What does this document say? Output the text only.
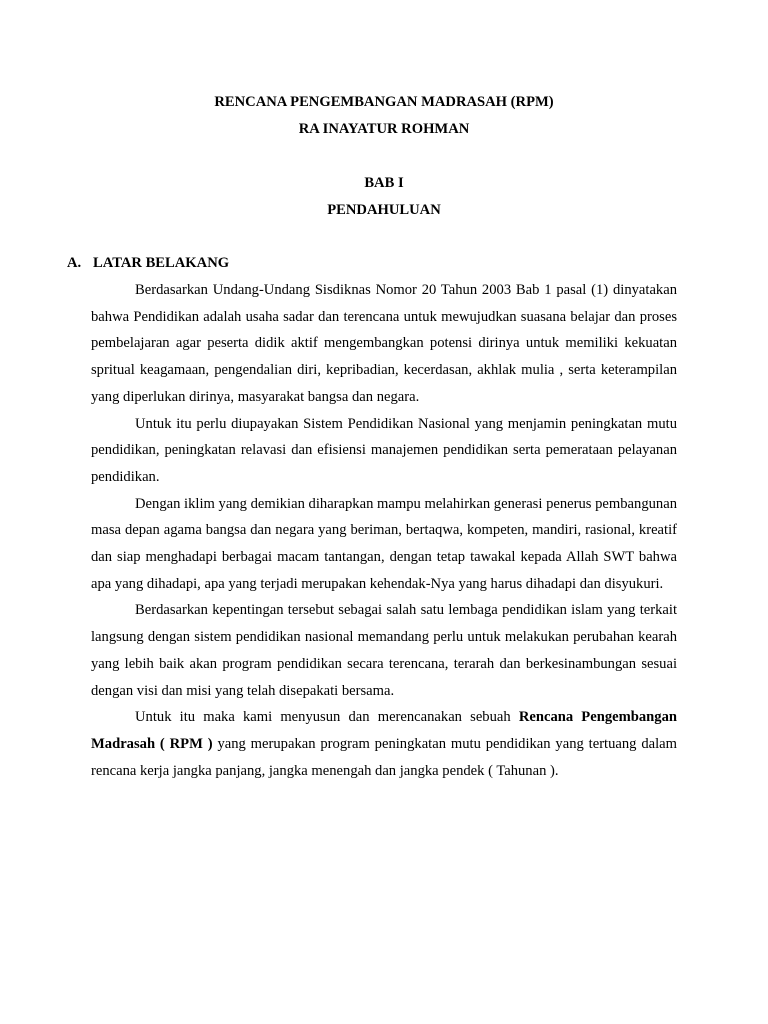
RENCANA PENGEMBANGAN MADRASAH (RPM)
RA INAYATUR ROHMAN
BAB I
PENDAHULUAN
A. LATAR BELAKANG

Berdasarkan Undang-Undang Sisdiknas Nomor 20 Tahun 2003 Bab 1 pasal (1) dinyatakan bahwa Pendidikan adalah usaha sadar dan terencana untuk mewujudkan suasana belajar dan proses pembelajaran agar peserta didik aktif mengembangkan potensi dirinya untuk memiliki kekuatan spritual keagamaan, pengendalian diri, kepribadian, kecerdasan, akhlak mulia , serta keterampilan yang diperlukan dirinya, masyarakat bangsa dan negara.

Untuk itu perlu diupayakan Sistem Pendidikan Nasional yang menjamin peningkatan mutu pendidikan, peningkatan relavasi dan efisiensi manajemen pendidikan serta pemerataan pelayanan pendidikan.

Dengan iklim yang demikian diharapkan mampu melahirkan generasi penerus pembangunan masa depan agama bangsa dan negara yang beriman, bertaqwa, kompeten, mandiri, rasional, kreatif dan siap menghadapi berbagai macam tantangan, dengan tetap tawakal kepada Allah SWT bahwa apa yang dihadapi, apa yang terjadi merupakan kehendak-Nya yang harus dihadapi dan disyukuri.

Berdasarkan kepentingan tersebut sebagai salah satu lembaga pendidikan islam yang terkait langsung dengan sistem pendidikan nasional memandang perlu untuk melakukan perubahan kearah yang lebih baik akan program pendidikan secara terencana, terarah dan berkesinambungan sesuai dengan visi dan misi yang telah disepakati bersama.

Untuk itu maka kami menyusun dan merencanakan sebuah Rencana Pengembangan Madrasah ( RPM ) yang merupakan program peningkatan mutu pendidikan yang tertuang dalam rencana kerja jangka panjang, jangka menengah dan jangka pendek ( Tahunan ).
